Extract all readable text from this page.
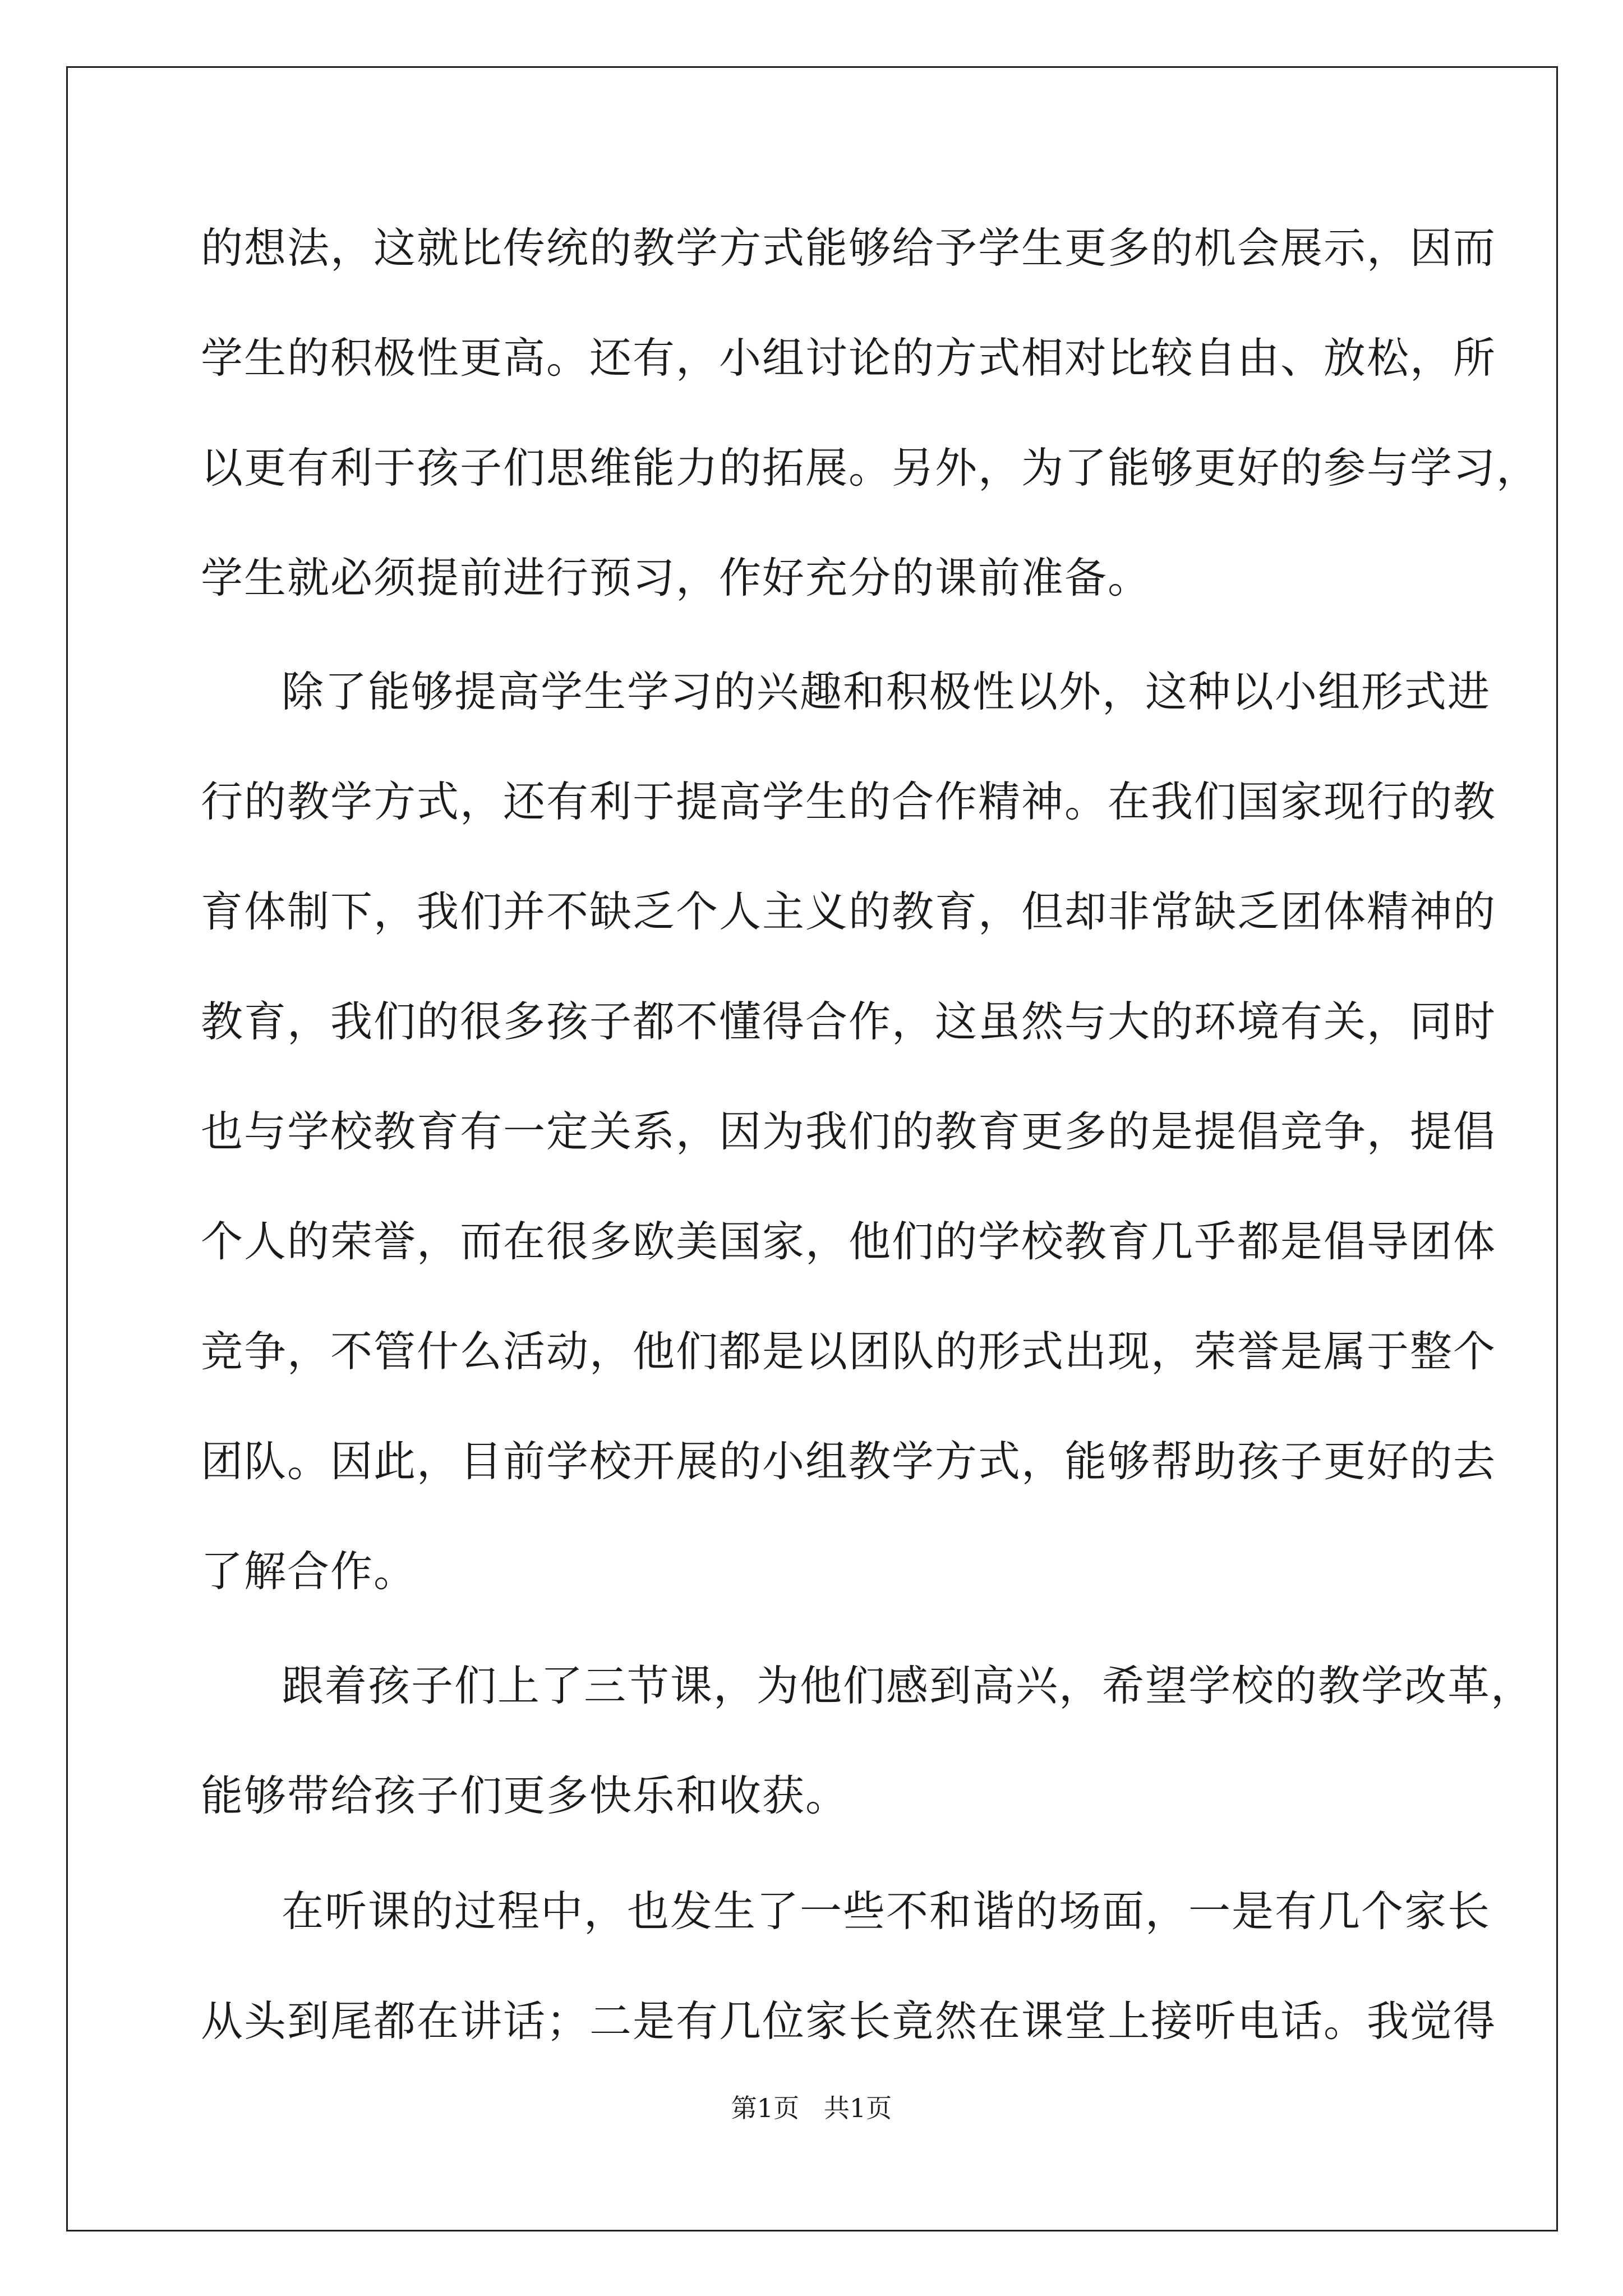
的想法，这就比传统的教学方式能够给予学生更多的机会展示，因而
学生的积极性更高。还有，小组讨论的方式相对比较自由、放松，所
以更有利于孩子们思维能力的拓展。另外，为了能够更好的参与学习，
学生就必须提前进行预习，作好充分的课前准备。
除了能够提高学生学习的兴趣和积极性以外，这种以小组形式进
行的教学方式，还有利于提高学生的合作精神。在我们国家现行的教
育体制下，我们并不缺乏个人主义的教育，但却非常缺乏团体精神的
教育，我们的很多孩子都不懂得合作，这虽然与大的环境有关，同时
也与学校教育有一定关系，因为我们的教育更多的是提倡竞争，提倡
个人的荣誉，而在很多欧美国家，他们的学校教育几乎都是倡导团体
竞争，不管什么活动，他们都是以团队的形式出现，荣誉是属于整个
团队。因此，目前学校开展的小组教学方式，能够帮助孩子更好的去
了解合作。
跟着孩子们上了三节课，为他们感到高兴，希望学校的教学改革，
能够带给孩子们更多快乐和收获。
在听课的过程中，也发生了一些不和谐的场面，一是有几个家长
从头到尾都在讲话；二是有几位家长竟然在课堂上接听电话。我觉得
第1页   共1页
